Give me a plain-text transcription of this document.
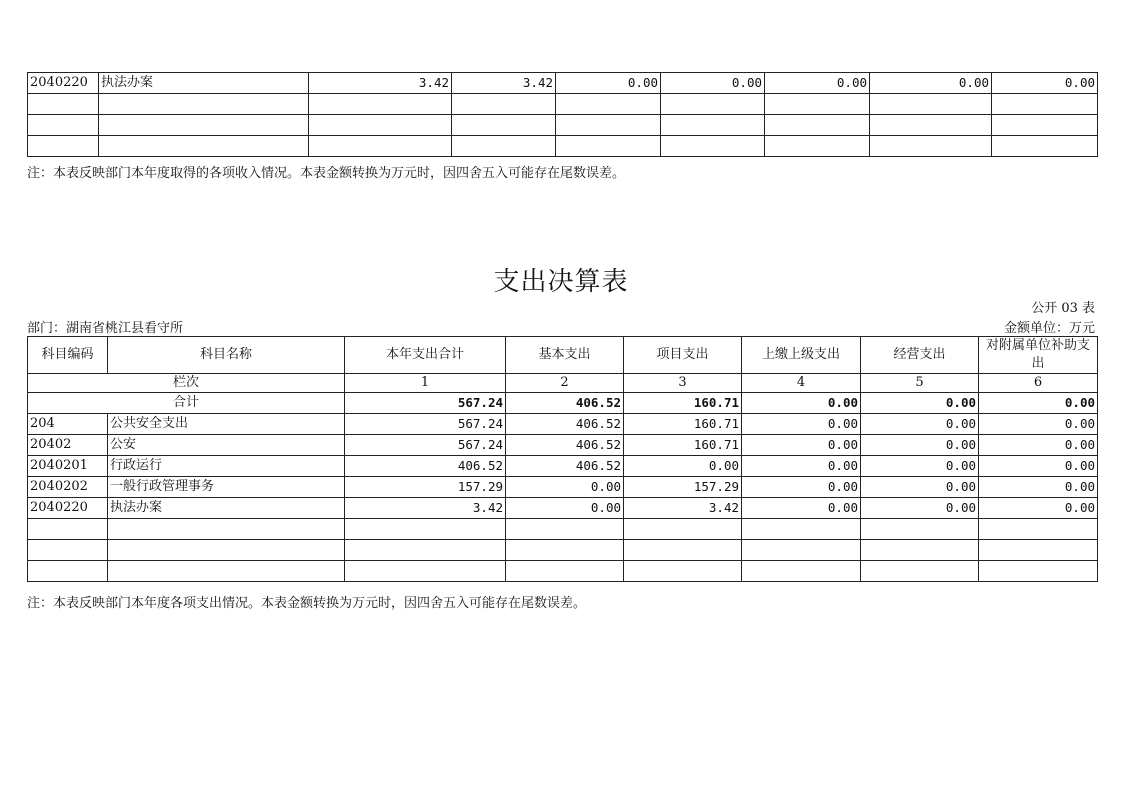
2040220	执法办案	3.42	3.42	0.00	0.00	0.00	0.00	0.00

注：本表反映部门本年度取得的各项收入情况。本表金额转换为万元时，因四舍五入可能存在尾数误差。
支出决算表
公开 03 表
部门：湖南省桃江县看守所	金额单位：万元
科目编码	科目名称	本年支出合计	基本支出	项目支出	上缴上级支出	经营支出	对附属单位补助支出
栏次		1	2	3	4	5	6
合计		567.24	406.52	160.71	0.00	0.00	0.00
204	公共安全支出	567.24	406.52	160.71	0.00	0.00	0.00
20402	公安	567.24	406.52	160.71	0.00	0.00	0.00
2040201	行政运行	406.52	406.52	0.00	0.00	0.00	0.00
2040202	一般行政管理事务	157.29	0.00	157.29	0.00	0.00	0.00
2040220	执法办案	3.42	0.00	3.42	0.00	0.00	0.00

注：本表反映部门本年度各项支出情况。本表金额转换为万元时，因四舍五入可能存在尾数误差。
